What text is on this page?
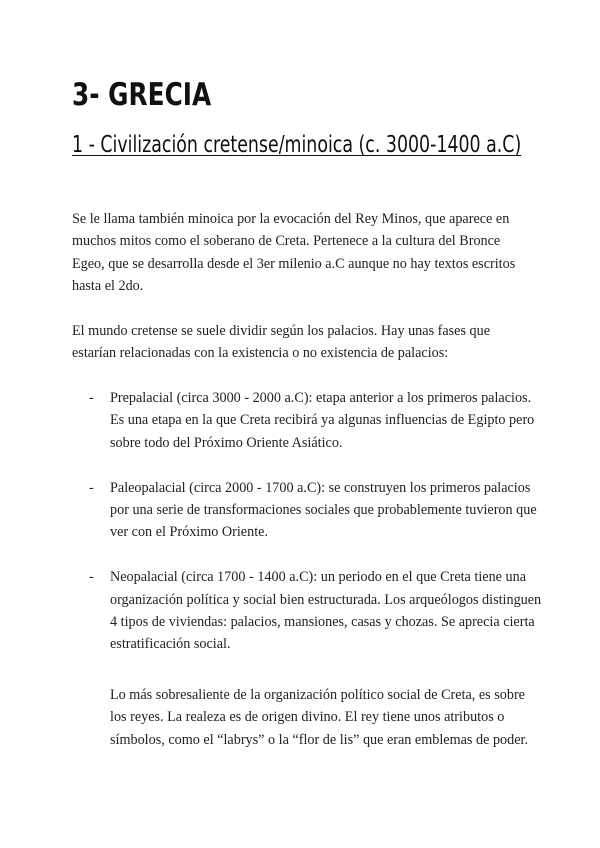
3- GRECIA
1 - Civilización cretense/minoica (c. 3000-1400 a.C)

Se le llama también minoica por la evocación del Rey Minos, que aparece en muchos mitos como el soberano de Creta. Pertenece a la cultura del Bronce Egeo, que se desarrolla desde el 3er milenio a.C aunque no hay textos escritos hasta el 2do.

El mundo cretense se suele dividir según los palacios. Hay unas fases que estarían relacionadas con la existencia o no existencia de palacios:

- Prepalacial (circa 3000 - 2000 a.C): etapa anterior a los primeros palacios. Es una etapa en la que Creta recibirá ya algunas influencias de Egipto pero sobre todo del Próximo Oriente Asiático.
- Paleopalacial (circa 2000 - 1700 a.C): se construyen los primeros palacios por una serie de transformaciones sociales que probablemente tuvieron que ver con el Próximo Oriente.
- Neopalacial (circa 1700 - 1400 a.C): un periodo en el que Creta tiene una organización política y social bien estructurada. Los arqueólogos distinguen 4 tipos de viviendas: palacios, mansiones, casas y chozas. Se aprecia cierta estratificación social.

Lo más sobresaliente de la organización político social de Creta, es sobre los reyes. La realeza es de origen divino. El rey tiene unos atributos o símbolos, como el “labrys” o la “flor de lis” que eran emblemas de poder.
